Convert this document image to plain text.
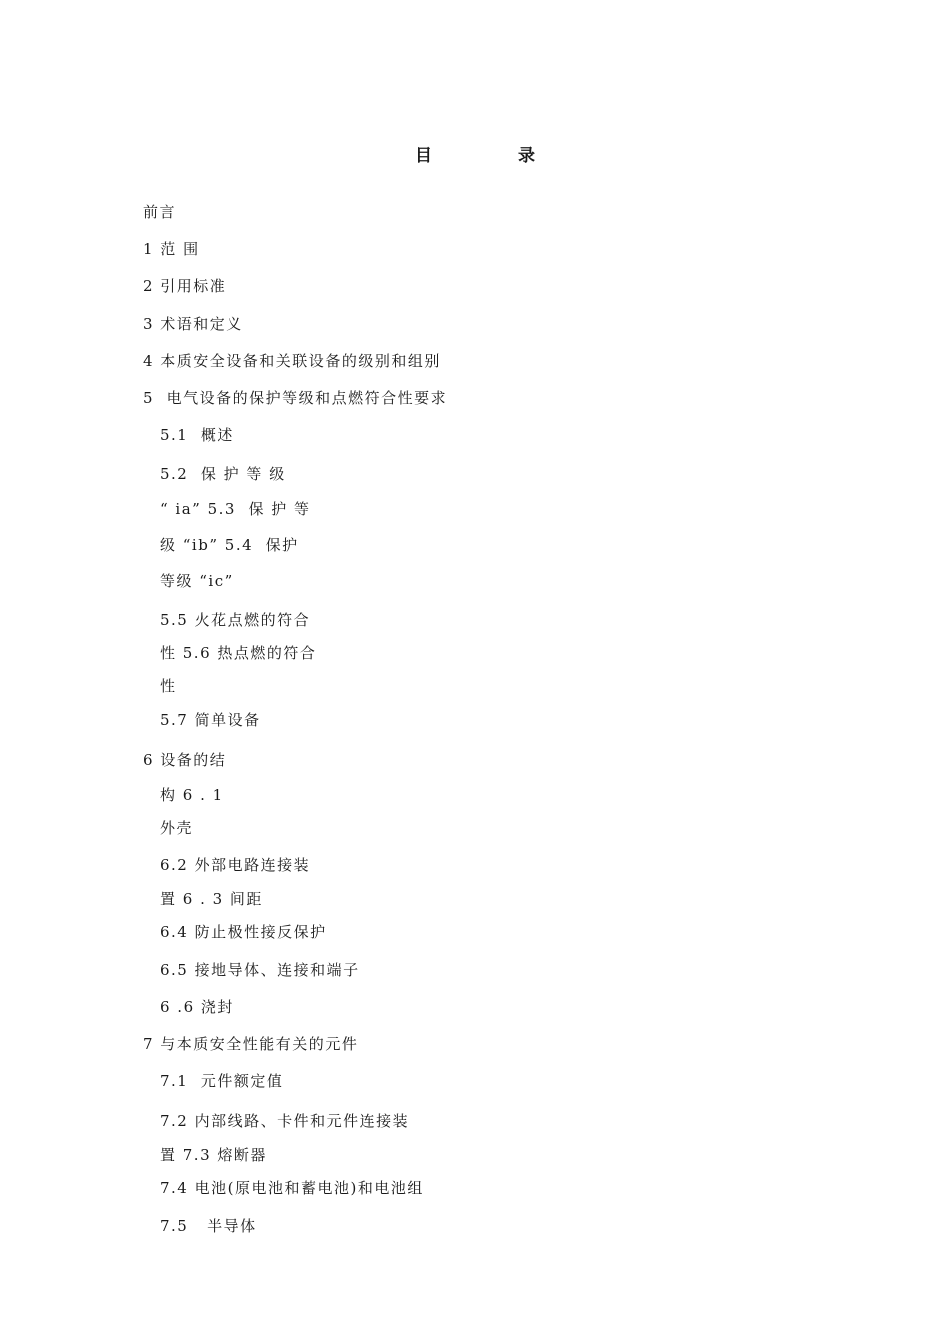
目 录
前言
1 范 围
2 引用标准
3 术语和定义
4 本质安全设备和关联设备的级别和组别
5  电气设备的保护等级和点燃符合性要求
5.1  概述
5.2  保 护 等 级
“ ia” 5.3  保 护 等
级 “ib” 5.4  保护
等级 “ic”
5.5 火花点燃的符合
性 5.6 热点燃的符合
性
5.7 简单设备
6 设备的结
构 6 . 1
外壳
6.2 外部电路连接装
置 6 . 3 间距
6.4 防止极性接反保护
6.5 接地导体、连接和端子
6 .6 浇封
7 与本质安全性能有关的元件
7.1  元件额定值
7.2 内部线路、卡件和元件连接装
置 7.3 熔断器
7.4 电池(原电池和蓄电池)和电池组
7.5   半导体
